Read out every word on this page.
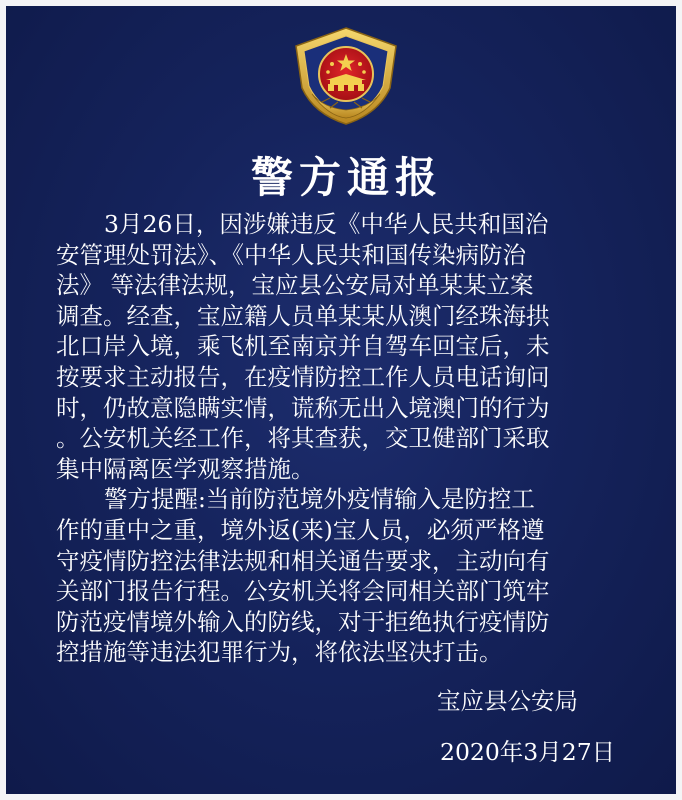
警方通报
3月26日，因涉嫌违反《中华人民共和国治
安管理处罚法》、《中华人民共和国传染病防治
法》 等法律法规，宝应县公安局对单某某立案
调查。经查，宝应籍人员单某某从澳门经珠海拱
北口岸入境，乘飞机至南京并自驾车回宝后，未
按要求主动报告，在疫情防控工作人员电话询问
时，仍故意隐瞒实情，谎称无出入境澳门的行为
。公安机关经工作，将其查获，交卫健部门采取
集中隔离医学观察措施。
警方提醒:当前防范境外疫情输入是防控工
作的重中之重，境外返(来)宝人员，必须严格遵
守疫情防控法律法规和相关通告要求，主动向有
关部门报告行程。公安机关将会同相关部门筑牢
防范疫情境外输入的防线，对于拒绝执行疫情防
控措施等违法犯罪行为，将依法坚决打击。
宝应县公安局
2020年3月27日
